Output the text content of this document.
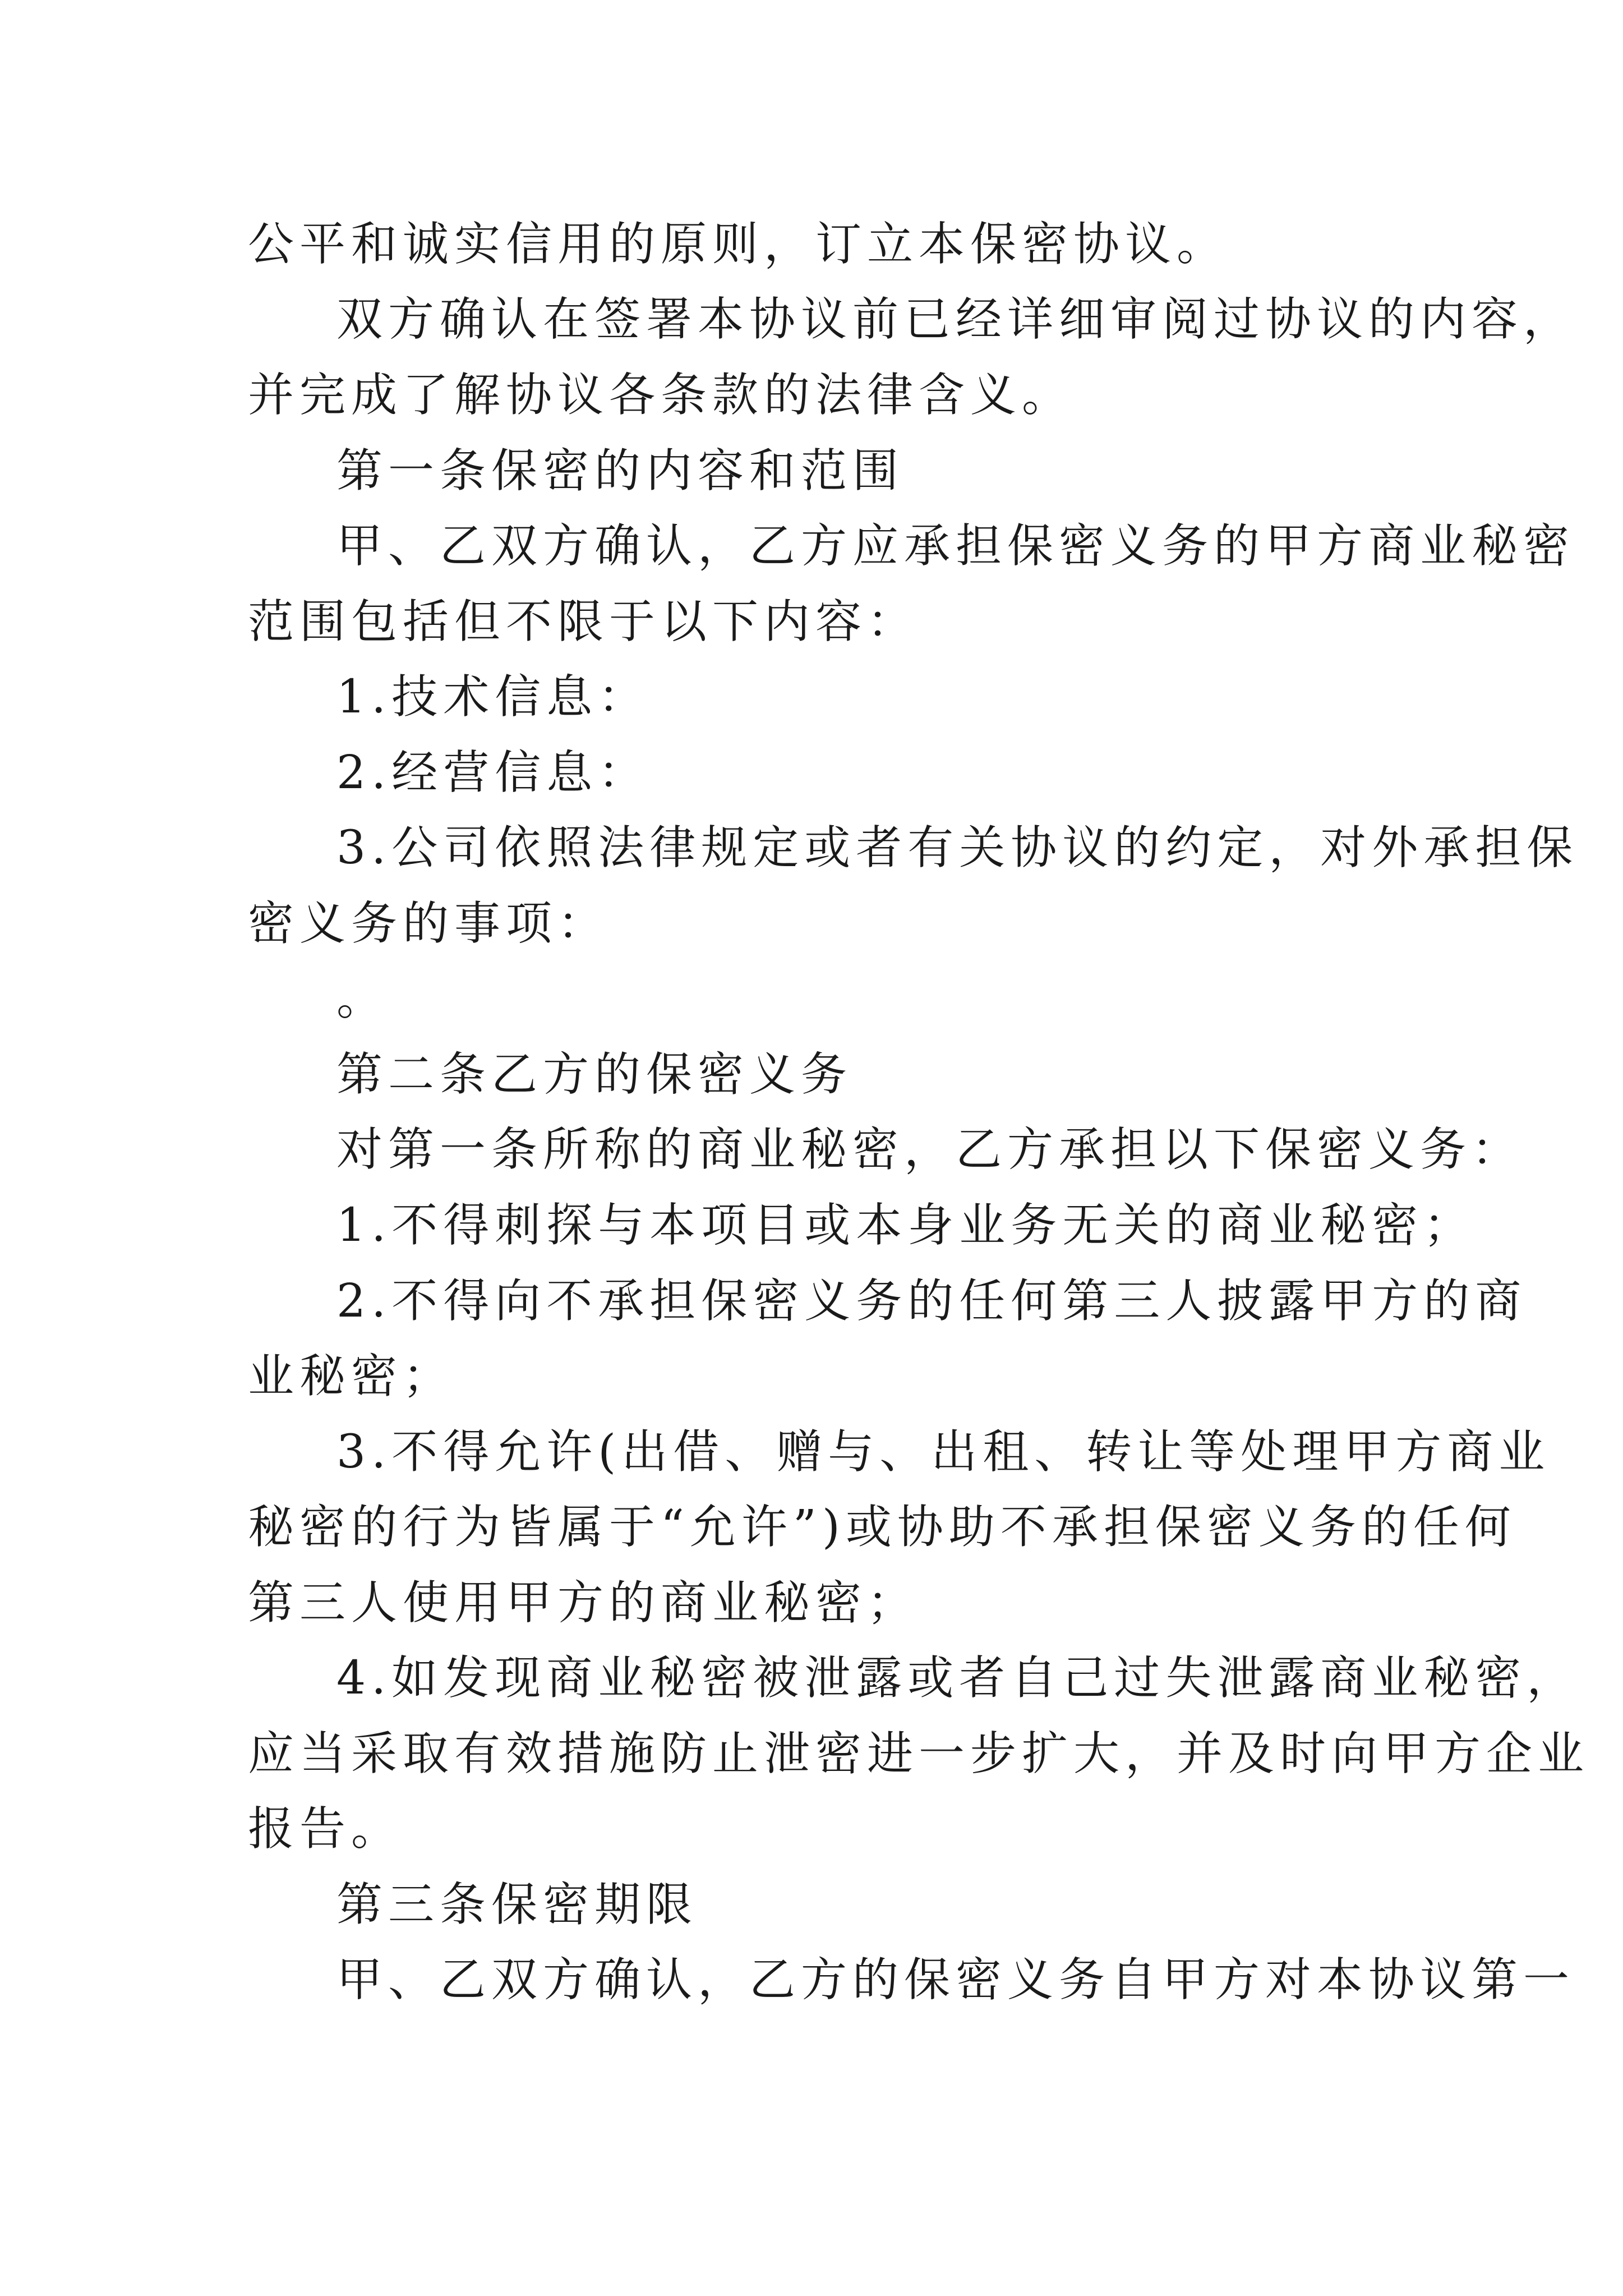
公平和诚实信用的原则，订立本保密协议。
双方确认在签署本协议前已经详细审阅过协议的内容，
并完成了解协议各条款的法律含义。
第一条保密的内容和范围
甲、乙双方确认，乙方应承担保密义务的甲方商业秘密
范围包括但不限于以下内容：
1.技术信息：
2.经营信息：
3.公司依照法律规定或者有关协议的约定，对外承担保
密义务的事项：
。
第二条乙方的保密义务
对第一条所称的商业秘密，乙方承担以下保密义务：
1.不得刺探与本项目或本身业务无关的商业秘密；
2.不得向不承担保密义务的任何第三人披露甲方的商
业秘密；
3.不得允许(出借、赠与、出租、转让等处理甲方商业
秘密的行为皆属于“允许”)或协助不承担保密义务的任何
第三人使用甲方的商业秘密；
4.如发现商业秘密被泄露或者自己过失泄露商业秘密，
应当采取有效措施防止泄密进一步扩大，并及时向甲方企业
报告。
第三条保密期限
甲、乙双方确认，乙方的保密义务自甲方对本协议第一
